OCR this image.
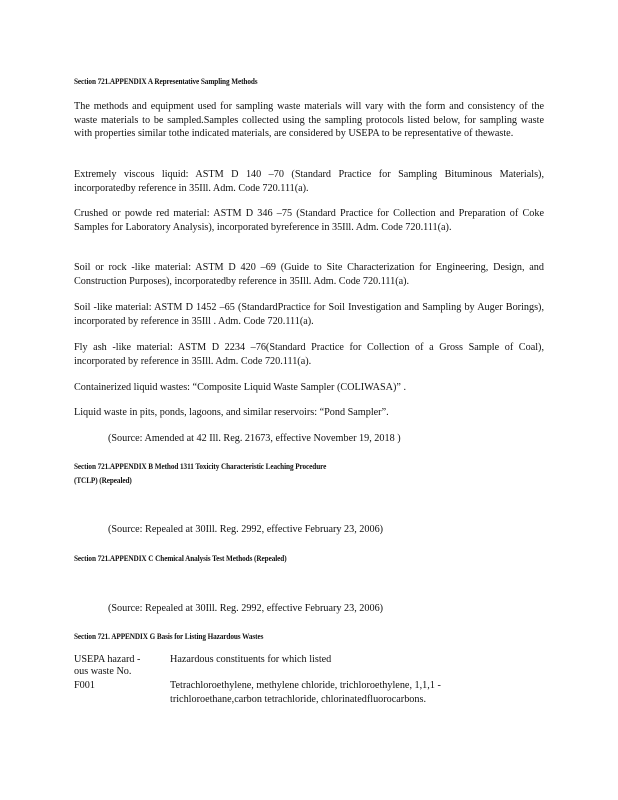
Section 721.APPENDIX A Representative Sampling Methods

The methods and equipment used for sampling waste materials will vary with the form and consistency of the waste materials to be sampled.Samples collected using the sampling protocols listed below, for sampling waste with properties similar tothe indicated materials, are considered by USEPA to be representative of thewaste.

Extremely viscous liquid: ASTM D 140 –70 (Standard Practice for Sampling Bituminous Materials), incorporatedby reference in 35Ill. Adm. Code 720.111(a).

Crushed or powde red material: ASTM D 346 –75 (Standard Practice for Collection and Preparation of Coke Samples for Laboratory Analysis), incorporated byreference in 35Ill. Adm. Code 720.111(a).

Soil or rock -like material: ASTM D 420 –69 (Guide to Site Characterization for Engineering, Design, and Construction Purposes), incorporatedby reference in 35Ill. Adm. Code 720.111(a).

Soil -like material: ASTM D 1452 –65 (StandardPractice for Soil Investigation and Sampling by Auger Borings), incorporated by reference in 35Ill . Adm. Code 720.111(a).

Fly ash -like material: ASTM D 2234 –76(Standard Practice for Collection of a Gross Sample of Coal), incorporated by reference in 35Ill. Adm. Code 720.111(a).

Containerized liquid wastes: “Composite Liquid Waste Sampler (COLIWASA)” .

Liquid waste in pits, ponds, lagoons, and similar reservoirs: “Pond Sampler”.

(Source: Amended at 42 Ill. Reg. 21673, effective November 19, 2018 )
Section 721.APPENDIX B Method 1311 Toxicity Characteristic Leaching Procedure
(TCLP) (Repealed)
(Source: Repealed at 30Ill. Reg. 2992, effective February 23, 2006)
Section 721.APPENDIX C Chemical Analysis Test Methods (Repealed)
(Source: Repealed at 30Ill. Reg. 2992, effective February 23, 2006)
Section 721. APPENDIX G Basis for Listing Hazardous Wastes
USEPA hazard -
ous waste No.
Hazardous constituents for which listed
F001	Tetrachloroethylene, methylene chloride, trichloroethylene, 1,1,1 -
trichloroethane,carbon tetrachloride, chlorinatedfluorocarbons.
